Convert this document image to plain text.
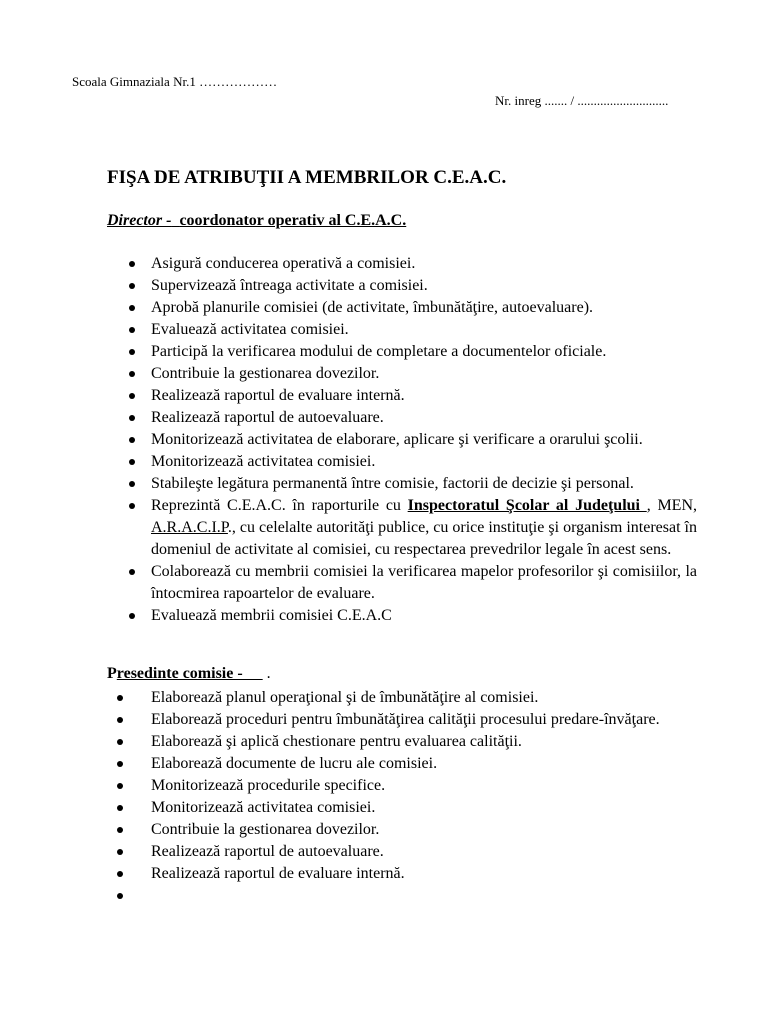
Scoala Gimnaziala Nr.1 ………………
Nr. inreg ....... / ............................
FIŞA DE ATRIBUŢII A MEMBRILOR C.E.A.C.
Director - coordonator operativ al C.E.A.C.
Asigură conducerea operativă a comisiei.
Supervizează întreaga activitate a comisiei.
Aprobă planurile comisiei (de activitate, îmbunătăţire, autoevaluare).
Evaluează activitatea comisiei.
Participă la verificarea modului de completare a documentelor oficiale.
Contribuie la gestionarea dovezilor.
Realizează raportul de evaluare internă.
Realizează raportul de autoevaluare.
Monitorizează activitatea de elaborare, aplicare şi verificare a orarului şcolii.
Monitorizează activitatea comisiei.
Stabileşte legătura permanentă între comisie, factorii de decizie şi personal.
Reprezintă C.E.A.C. în raporturile cu Inspectoratul Şcolar al Judeţului , MEN, A.R.A.C.I.P., cu celelalte autorităţi publice, cu orice instituţie şi organism interesat în domeniul de activitate al comisiei, cu respectarea prevedrilor legale în acest sens.
Colaborează cu membrii comisiei la verificarea mapelor profesorilor şi comisiilor, la întocmirea rapoartelor de evaluare.
Evaluează membrii comisiei C.E.A.C
Presedinte comisie -      .
Elaborează planul operaţional şi de îmbunătăţire al comisiei.
Elaborează proceduri pentru îmbunătăţirea calităţii procesului predare-învăţare.
Elaborează şi aplică chestionare pentru evaluarea calităţii.
Elaborează documente de lucru ale comisiei.
Monitorizează procedurile specifice.
Monitorizează activitatea comisiei.
Contribuie la gestionarea dovezilor.
Realizează raportul de autoevaluare.
Realizează raportul de evaluare internă.
